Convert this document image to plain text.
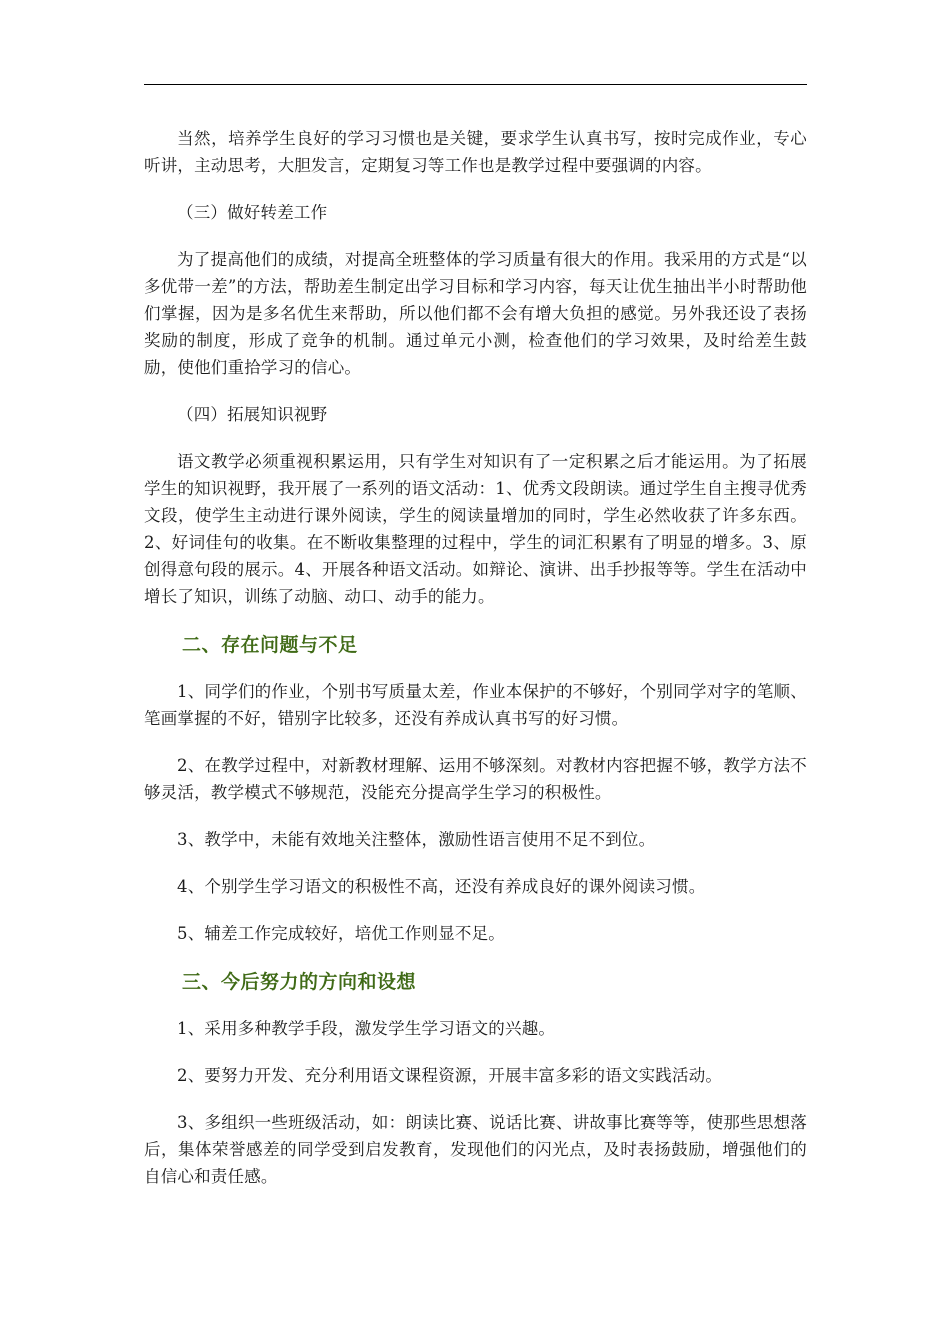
当然，培养学生良好的学习习惯也是关键，要求学生认真书写，按时完成作业，专心听讲，主动思考，大胆发言，定期复习等工作也是教学过程中要强调的内容。

（三）做好转差工作

为了提高他们的成绩，对提高全班整体的学习质量有很大的作用。我采用的方式是“以多优带一差”的方法，帮助差生制定出学习目标和学习内容，每天让优生抽出半小时帮助他们掌握，因为是多名优生来帮助，所以他们都不会有增大负担的感觉。另外我还设了表扬奖励的制度，形成了竞争的机制。通过单元小测，检查他们的学习效果，及时给差生鼓励，使他们重拾学习的信心。

（四）拓展知识视野

语文教学必须重视积累运用，只有学生对知识有了一定积累之后才能运用。为了拓展学生的知识视野，我开展了一系列的语文活动：1、优秀文段朗读。通过学生自主搜寻优秀文段，使学生主动进行课外阅读，学生的阅读量增加的同时，学生必然收获了许多东西。2、好词佳句的收集。在不断收集整理的过程中，学生的词汇积累有了明显的增多。3、原创得意句段的展示。4、开展各种语文活动。如辩论、演讲、出手抄报等等。学生在活动中增长了知识，训练了动脑、动口、动手的能力。

二、存在问题与不足

1、同学们的作业，个别书写质量太差，作业本保护的不够好，个别同学对字的笔顺、笔画掌握的不好，错别字比较多，还没有养成认真书写的好习惯。

2、在教学过程中，对新教材理解、运用不够深刻。对教材内容把握不够，教学方法不够灵活，教学模式不够规范，没能充分提高学生学习的积极性。

3、教学中，未能有效地关注整体，激励性语言使用不足不到位。

4、个别学生学习语文的积极性不高，还没有养成良好的课外阅读习惯。

5、辅差工作完成较好，培优工作则显不足。

三、今后努力的方向和设想

1、采用多种教学手段，激发学生学习语文的兴趣。

2、要努力开发、充分利用语文课程资源，开展丰富多彩的语文实践活动。

3、多组织一些班级活动，如：朗读比赛、说话比赛、讲故事比赛等等，使那些思想落后，集体荣誉感差的同学受到启发教育，发现他们的闪光点，及时表扬鼓励，增强他们的自信心和责任感。
